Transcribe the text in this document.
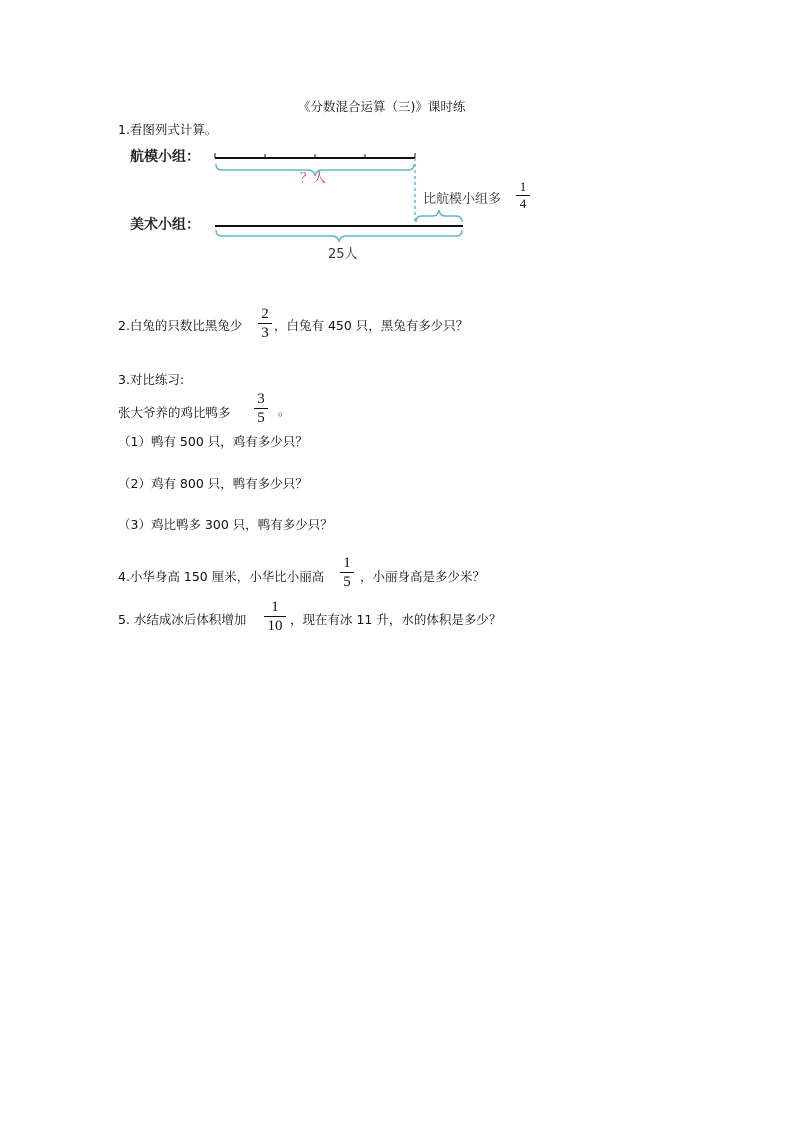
《分数混合运算（三)》课时练
1.看图列式计算。
航模小组：
美术小组：
？人
比航模小组多
1
4
25人
2.白兔的只数比黑兔少
2
3 ，白兔有 450 只，黑兔有多少只？
3.对比练习:
张大爷养的鸡比鸭多
3
5 。
（1）鸭有 500 只，鸡有多少只？
（2）鸡有 800 只，鸭有多少只？
（3）鸡比鸭多 300 只，鸭有多少只？
4.小华身高 150 厘米，小华比小丽高
1
5 ，小丽身高是多少米？
5. 水结成冰后体积增加
1
10 ，现在有冰 11 升，水的体积是多少？
